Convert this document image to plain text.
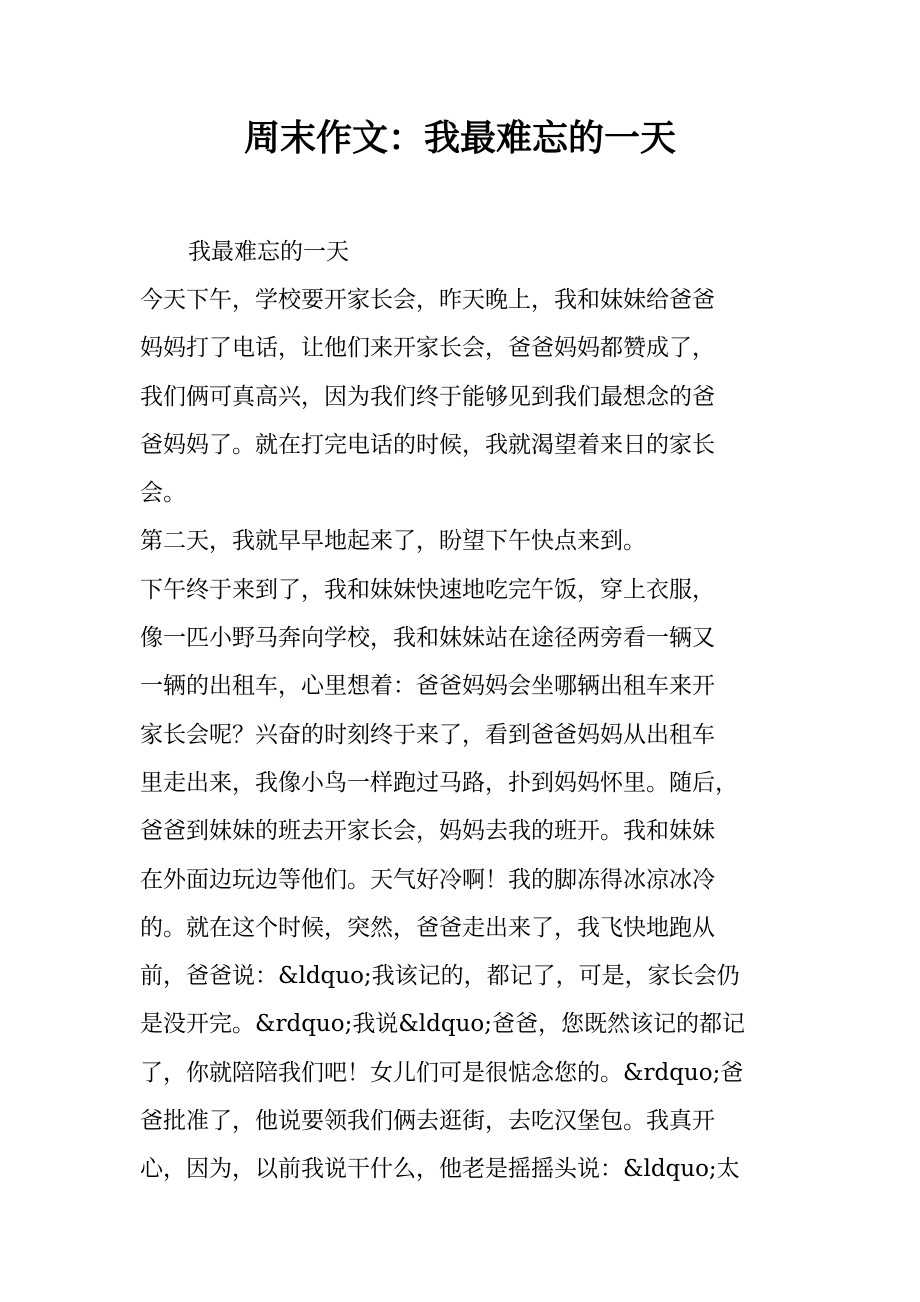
周末作文：我最难忘的一天

我最难忘的一天

今天下午，学校要开家长会，昨天晚上，我和妹妹给爸爸
妈妈打了电话，让他们来开家长会，爸爸妈妈都赞成了，
我们俩可真高兴，因为我们终于能够见到我们最想念的爸
爸妈妈了。就在打完电话的时候，我就渴望着来日的家长
会。
第二天，我就早早地起来了，盼望下午快点来到。
下午终于来到了，我和妹妹快速地吃完午饭，穿上衣服，
像一匹小野马奔向学校，我和妹妹站在途径两旁看一辆又
一辆的出租车，心里想着：爸爸妈妈会坐哪辆出租车来开
家长会呢？兴奋的时刻终于来了，看到爸爸妈妈从出租车
里走出来，我像小鸟一样跑过马路，扑到妈妈怀里。随后，
爸爸到妹妹的班去开家长会，妈妈去我的班开。我和妹妹
在外面边玩边等他们。天气好冷啊！我的脚冻得冰凉冰冷
的。就在这个时候，突然，爸爸走出来了，我飞快地跑从
前，爸爸说：&ldquo;我该记的，都记了，可是，家长会仍
是没开完。&rdquo;我说&ldquo;爸爸，您既然该记的都记
了，你就陪陪我们吧！女儿们可是很惦念您的。&rdquo;爸
爸批准了，他说要领我们俩去逛街，去吃汉堡包。我真开
心，因为，以前我说干什么，他老是摇摇头说：&ldquo;太
